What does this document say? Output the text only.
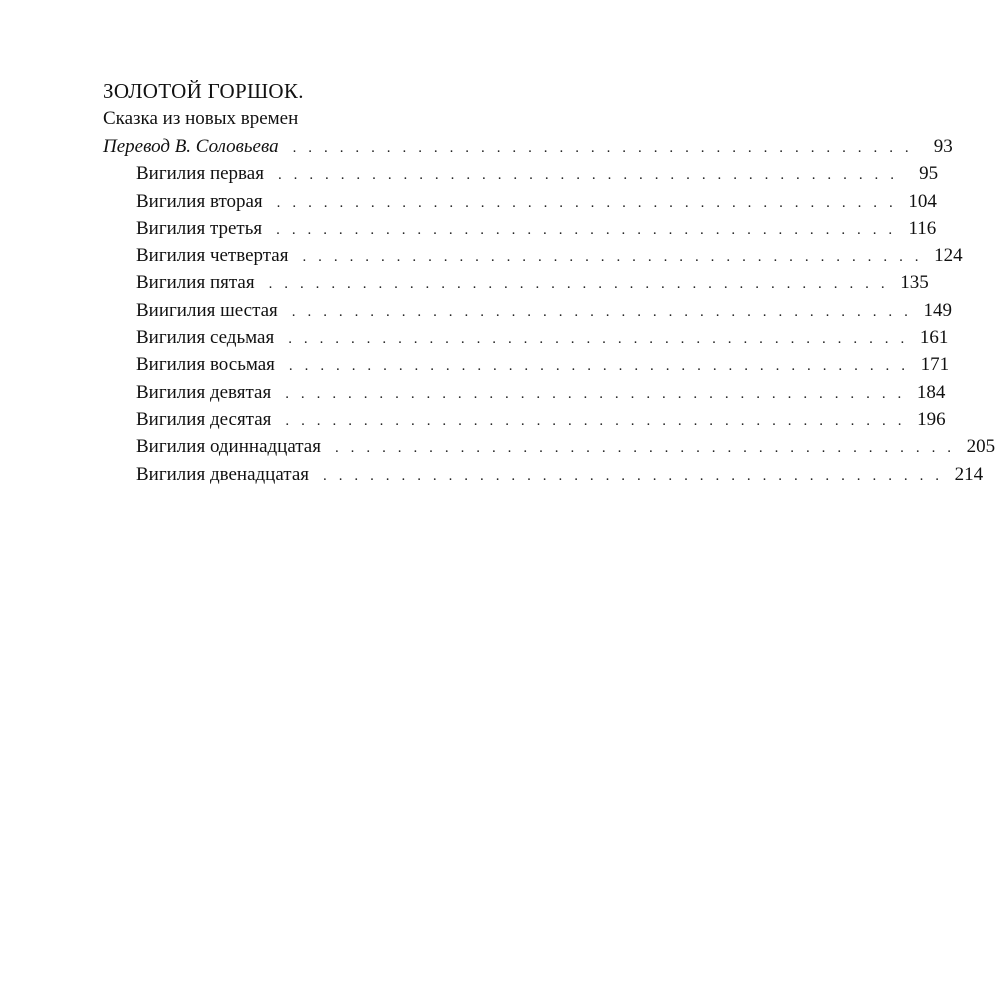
ЗОЛОТОЙ ГОРШОК.
Сказка из новых времен
Перевод В. Соловьева . . . . . . . . . . . . . . . . . . . . . . . . . . . . . . . . . . . . . . . .	93
Вигилия первая . . . . . . . . . . . . . . . . . . . . . . . . . . . . . . . . . . . . . . . .	95
Вигилия вторая . . . . . . . . . . . . . . . . . . . . . . . . . . . . . . . . . . . . . . . . 104
Вигилия третья . . . . . . . . . . . . . . . . . . . . . . . . . . . . . . . . . . . . . . . . 116
Вигилия четвертая . . . . . . . . . . . . . . . . . . . . . . . . . . . . . . . . . . . . . . . . 124
Вигилия пятая . . . . . . . . . . . . . . . . . . . . . . . . . . . . . . . . . . . . . . . . 135
Виигилия шестая . . . . . . . . . . . . . . . . . . . . . . . . . . . . . . . . . . . . . . . . 149
Вигилия седьмая . . . . . . . . . . . . . . . . . . . . . . . . . . . . . . . . . . . . . . . . 161
Вигилия восьмая . . . . . . . . . . . . . . . . . . . . . . . . . . . . . . . . . . . . . . . . 171
Вигилия девятая . . . . . . . . . . . . . . . . . . . . . . . . . . . . . . . . . . . . . . . . 184
Вигилия десятая . . . . . . . . . . . . . . . . . . . . . . . . . . . . . . . . . . . . . . . . 196
Вигилия одиннадцатая . . . . . . . . . . . . . . . . . . . . . . . . . . . . . . . . . . . . . . . . 205
Вигилия двенадцатая . . . . . . . . . . . . . . . . . . . . . . . . . . . . . . . . . . . . . . . . 214
